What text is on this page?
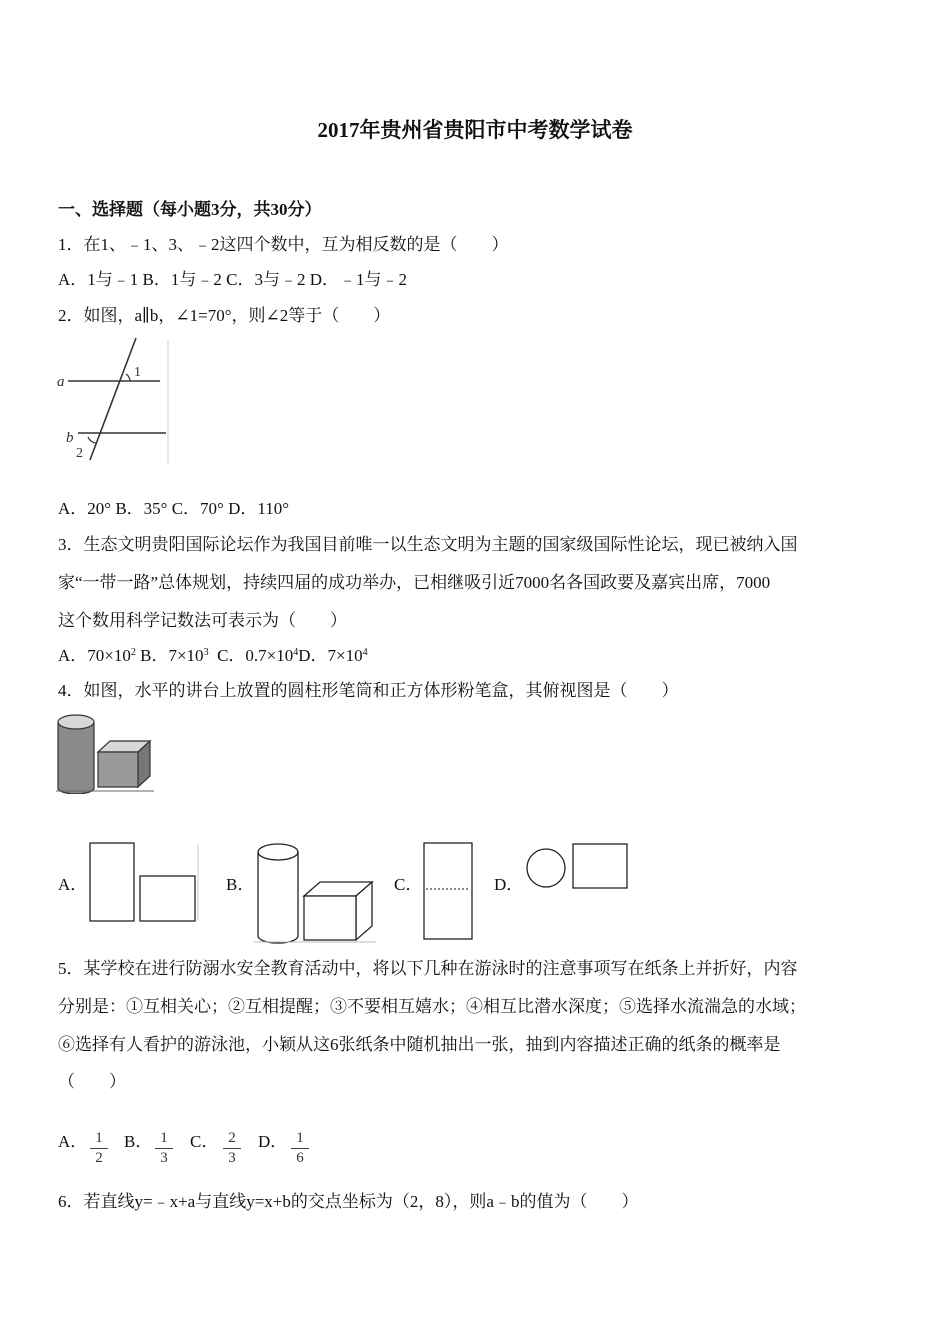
2017年贵州省贵阳市中考数学试卷
一、选择题（每小题3分，共30分）
1．在1、﹣1、3、﹣2这四个数中，互为相反数的是（　　）
A．1与﹣1 B．1与﹣2 C．3与﹣2 D．﹣1与﹣2
2．如图，a∥b，∠1=70°，则∠2等于（　　）
a
b
1
2
A．20° B．35° C．70° D．110°
3．生态文明贵阳国际论坛作为我国目前唯一以生态文明为主题的国家级国际性论坛，现已被纳入国
家“一带一路”总体规划，持续四届的成功举办，已相继吸引近7000名各国政要及嘉宾出席，7000
这个数用科学记数法可表示为（　　）
A．$70\times 10^2$ B．$7\times 10^3$ C．$0.7\times 10^4D$．$7\times 10^4$
4．如图，水平的讲台上放置的圆柱形笔筒和正方体形粉笔盒，其俯视图是（　　）
A．	B．	C．	D．
5．某学校在进行防溺水安全教育活动中，将以下几种在游泳时的注意事项写在纸条上并折好，内容
分别是：①互相关心；②互相提醒；③不要相互嬉水；④相互比潜水深度；⑤选择水流湍急的水域；
⑥选择有人看护的游泳池，小颖从这6张纸条中随机抽出一张，抽到内容描述正确的纸条的概率是
（　　）
A． 1
2
B． 1
3
C． 2
3
D． 1
6
6．若直线y=﹣x+a与直线y=x+b的交点坐标为（2，8），则a﹣b的值为（　　）
